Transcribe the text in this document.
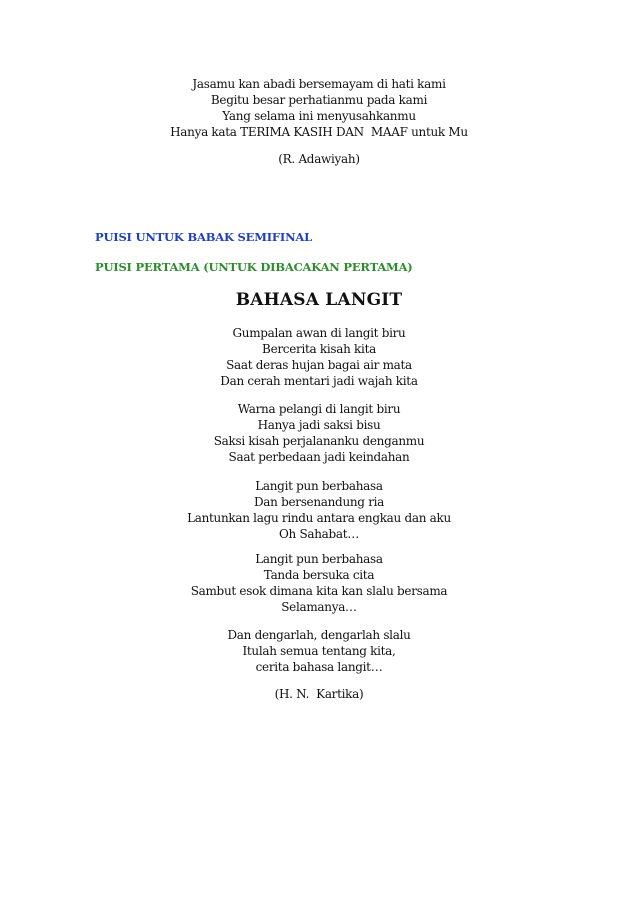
Jasamu kan abadi bersemayam di hati kami
Begitu besar perhatianmu pada kami
Yang selama ini menyusahkanmu
Hanya kata TERIMA KASIH DAN  MAAF untuk Mu
(R. Adawiyah)
PUISI UNTUK BABAK SEMIFINAL
PUISI PERTAMA (UNTUK DIBACAKAN PERTAMA)
BAHASA LANGIT
Gumpalan awan di langit biru
Bercerita kisah kita
Saat deras hujan bagai air mata
Dan cerah mentari jadi wajah kita
Warna pelangi di langit biru
Hanya jadi saksi bisu
Saksi kisah perjalananku denganmu
Saat perbedaan jadi keindahan
Langit pun berbahasa
Dan bersenandung ria
Lantunkan lagu rindu antara engkau dan aku
Oh Sahabat…
Langit pun berbahasa
Tanda bersuka cita
Sambut esok dimana kita kan slalu bersama
Selamanya…
Dan dengarlah, dengarlah slalu
Itulah semua tentang kita,
cerita bahasa langit…
(H. N.  Kartika)
